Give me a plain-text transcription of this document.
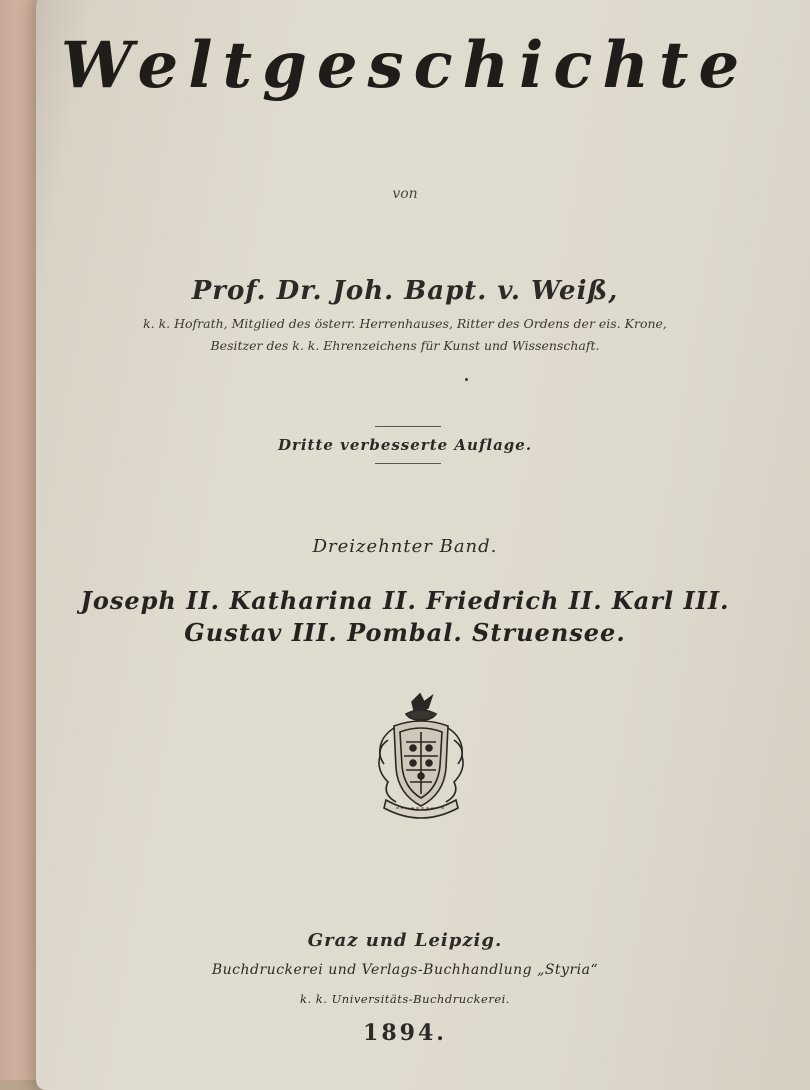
Weltgeschichte
von
Prof. Dr. Joh. Bapt. v. Weiß,
k. k. Hofrath, Mitglied des österr. Herrenhauses, Ritter des Ordens der eis. Krone,
Besitzer des k. k. Ehrenzeichens für Kunst und Wissenschaft.
Dritte verbesserte Auflage.
Dreizehnter Band.
Joseph II. Katharina II. Friedrich II. Karl III.
Gustav III. Pombal. Struensee.
Graz und Leipzig.
Buchdruckerei und Verlags-Buchhandlung „Styria“
k. k. Universitäts-Buchdruckerei.
1894.
